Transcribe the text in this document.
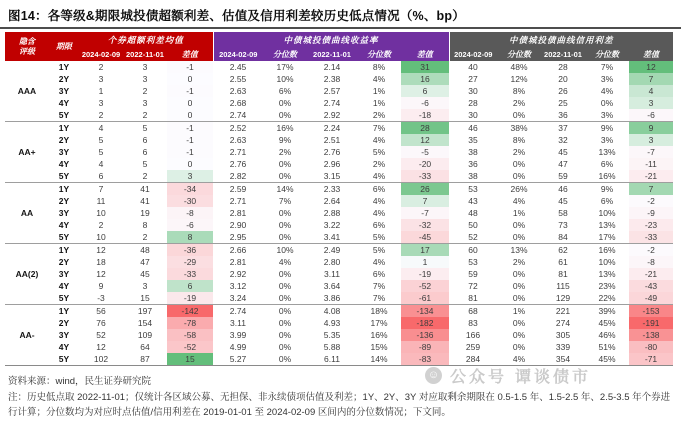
图14：各等级&期限城投债超额利差、估值及信用利差较历史低点情况（%、bp）
隐含
评级	期限	个券超额利差均值			中债城投债曲线收益率					中债城投债曲线信用利差				
		2024-02-09	2022-11-01	差值	2024-02-09	分位数	2022-11-01	分位数	差值	2024-02-09	分位数	2022-11-01	分位数	差值
AAA	1Y	2	3	-1	2.45	17%	2.14	8%	31	40	48%	28	7%	12
	2Y	3	3	0	2.55	10%	2.38	4%	16	27	12%	20	3%	7
	3Y	1	2	-1	2.63	6%	2.57	1%	6	30	8%	26	4%	4
	4Y	3	3	0	2.68	0%	2.74	1%	-6	28	2%	25	0%	3
	5Y	2	2	0	2.74	0%	2.92	2%	-18	30	0%	36	3%	-6
AA+	1Y	4	5	-1	2.52	16%	2.24	7%	28	46	38%	37	9%	9
	2Y	5	6	-1	2.63	9%	2.51	4%	12	35	8%	32	3%	3
	3Y	5	6	-1	2.71	2%	2.76	5%	-5	38	2%	45	13%	-7
	4Y	4	5	0	2.76	0%	2.96	2%	-20	36	0%	47	6%	-11
	5Y	6	2	3	2.82	0%	3.15	4%	-33	38	0%	59	16%	-21
AA	1Y	7	41	-34	2.59	14%	2.33	6%	26	53	26%	46	9%	7
	2Y	11	41	-30	2.71	7%	2.64	4%	7	43	4%	45	6%	-2
	3Y	10	19	-8	2.81	0%	2.88	4%	-7	48	1%	58	10%	-9
	4Y	2	8	-6	2.90	0%	3.22	6%	-32	50	0%	73	13%	-23
	5Y	10	2	8	2.95	0%	3.41	5%	-45	52	0%	84	17%	-33
AA(2)	1Y	12	48	-36	2.66	10%	2.49	5%	17	60	13%	62	16%	-2
	2Y	18	47	-29	2.81	4%	2.80	4%	1	53	2%	61	10%	-8
	3Y	12	45	-33	2.92	0%	3.11	6%	-19	59	0%	81	13%	-21
	4Y	9	3	6	3.12	0%	3.64	7%	-52	72	0%	115	23%	-43
	5Y	-3	15	-19	3.24	0%	3.86	7%	-61	81	0%	129	22%	-49
AA-	1Y	56	197	-142	2.74	0%	4.08	18%	-134	68	1%	221	39%	-153
	2Y	76	154	-78	3.11	0%	4.93	17%	-182	83	0%	274	45%	-191
	3Y	52	109	-58	3.99	0%	5.35	16%	-136	166	0%	305	46%	-138
	4Y	12	64	-52	4.99	0%	5.88	15%	-89	259	0%	339	51%	-80
	5Y	102	87	15	5.27	0%	6.11	14%	-83	284	4%	354	45%	-71
资料来源：wind，民生证券研究院
注：历史低点取 2022-11-01；仅统计各区域公募、无担保、非永续债项估值及利差；1Y、2Y、3Y 对应取剩余期限在 0.5-1.5 年、1.5-2.5 年、2.5-3.5 年个券进行计算；分位数均为对应时点估值/信用利差在 2019-01-01 至 2024-02-09 区间内的分位数情况；下文同。
☺ 公众号 谭谈债市
